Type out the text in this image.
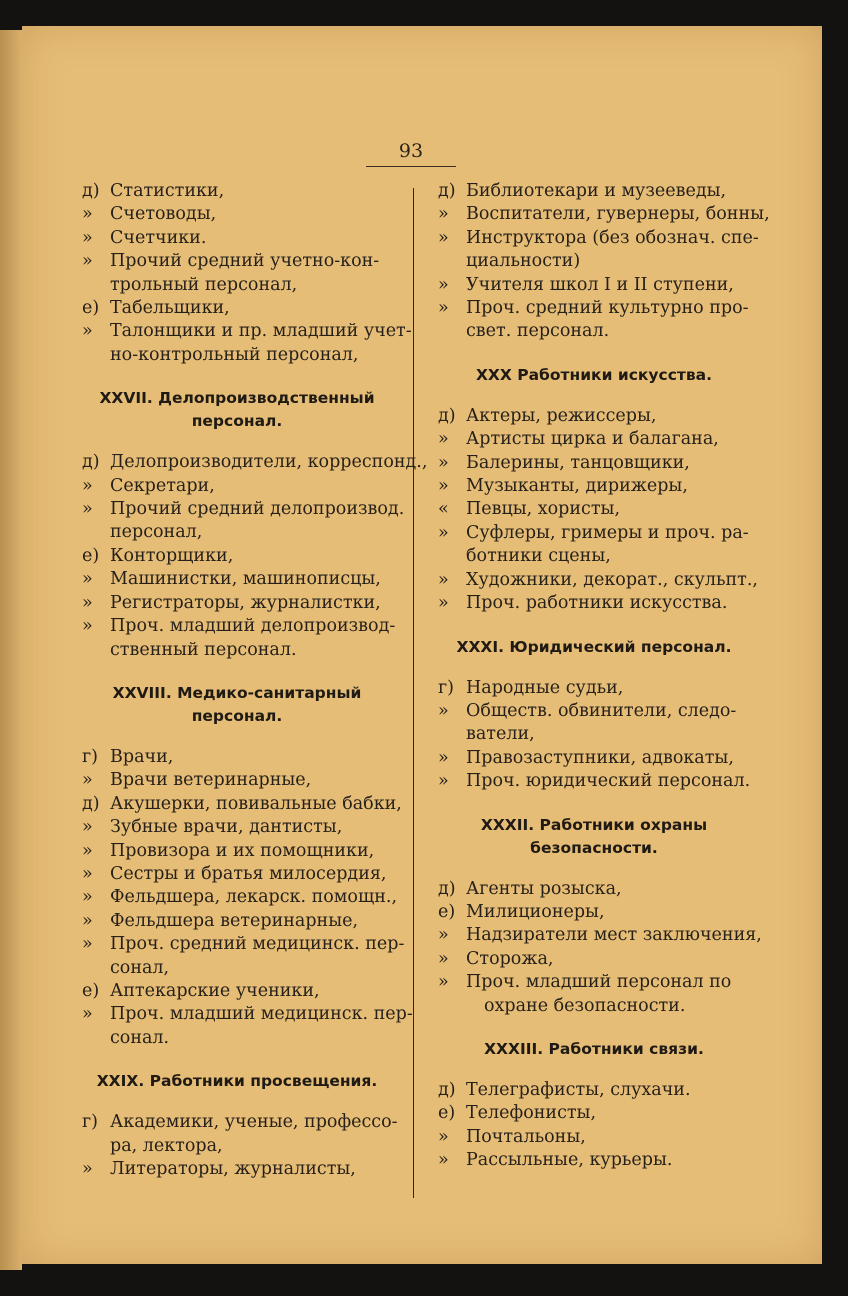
93
д) Статистики,
» Счетоводы,
» Счетчики.
» Прочий средний учетно-кон-
трольный персонал,
е) Табельщики,
» Талонщики и пр. младший учет-
но-контрольный персонал,
XXVII. Делопроизводственный персонал.
д) Делопроизводители, корреспонд.,
» Секретари,
» Прочий средний делопроизвод.
персонал,
е) Конторщики,
» Машинистки, машинописцы,
» Регистраторы, журналистки,
» Проч. младший делопроизвод-
ственный персонал.
XXVIII. Медико-санитарный персонал.
г) Врачи,
» Врачи ветеринарные,
д) Акушерки, повивальные бабки,
» Зубные врачи, дантисты,
» Провизора и их помощники,
» Сестры и братья милосердия,
» Фельдшера, лекарск. помощн.,
» Фельдшера ветеринарные,
» Проч. средний медицинск. пер-
сонал,
е) Аптекарские ученики,
» Проч. младший медицинск. пер-
сонал.
XXIX. Работники просвещения.
г) Академики, ученые, профессо-
ра, лектора,
» Литераторы, журналисты,
д) Библиотекари и музееведы,
» Воспитатели, гувернеры, бонны,
» Инструктора (без обознач. спе-
циальности)
» Учителя школ I и II ступени,
» Проч. средний культурно про-
свет. персонал.
XXX Работники искусства.
д) Актеры, режиссеры,
» Артисты цирка и балагана,
» Балерины, танцовщики,
» Музыканты, дирижеры,
« Певцы, хористы,
» Суфлеры, гримеры и проч. ра-
ботники сцены,
» Художники, декорат., скульпт.,
» Проч. работники искусства.
XXXI. Юридический персонал.
г) Народные судьи,
» Обществ. обвинители, следо-
ватели,
» Правозаступники, адвокаты,
» Проч. юридический персонал.
XXXII. Работники охраны безопасности.
д) Агенты розыска,
е) Милиционеры,
» Надзиратели мест заключения,
» Сторожа,
» Проч. младший персонал по
охране безопасности.
XXXIII. Работники связи.
д) Телеграфисты, слухачи.
е) Телефонисты,
» Почтальоны,
» Рассыльные, курьеры.
